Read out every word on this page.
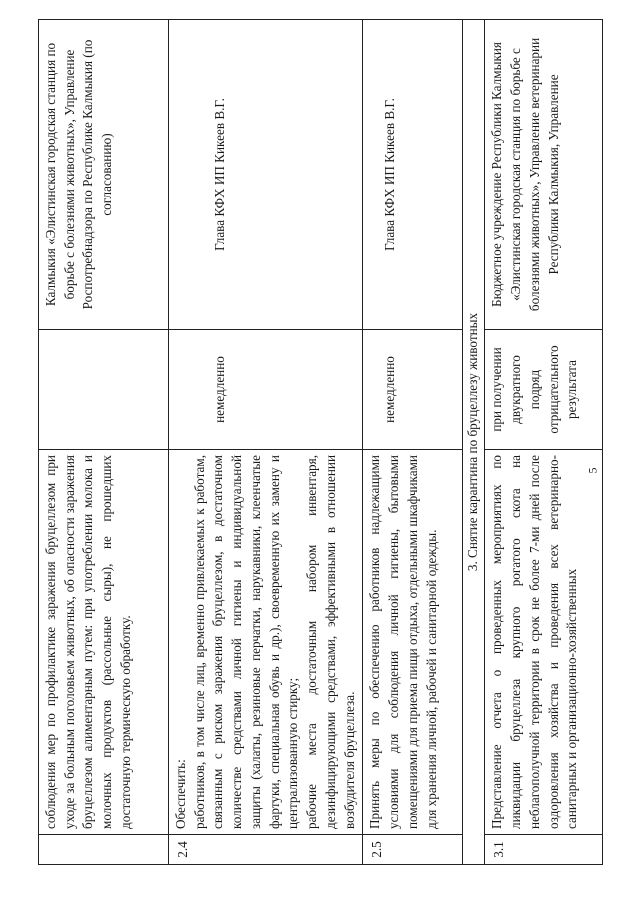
	соблюдения мер по профилактике заражения бруцеллезом при уходе за больным поголовьем животных, об опасности заражения бруцеллезом алиментарным путем: при употреблении молока и молочных продуктов (рассольные сыры), не прошедших достаточную термическую обработку.		Калмыкия «Элистинская городская станция по борьбе с болезнями животных», Управление Роспотребнадзора по Республике Калмыкия (по согласованию)
2.4	Обеспечить: работников, в том числе лиц, временно привлекаемых к работам, связанным с риском заражения бруцеллезом, в достаточном количестве средствами личной гигиены и индивидуальной защиты (халаты, резиновые перчатки, нарукавники, клеенчатые фартуки, специальная обувь и др.), своевременную их замену и централизованную стирку; рабочие места достаточным набором инвентаря, дезинфицирующими средствами, эффективными в отношении возбудителя бруцеллеза.	немедленно	Глава КФХ ИП Кикеев В.Г.
2.5	Принять меры по обеспечению работников надлежащими условиями для соблюдения личной гигиены, бытовыми помещениями для приема пищи отдыха, отдельными шкафчиками для хранения личной, рабочей и санитарной одежды.	немедленно	Глава КФХ ИП Кикеев В.Г.
3. Снятие карантина по бруцеллезу животных			
3.1	Представление отчета о проведенных мероприятиях по ликвидации бруцеллеза крупного рогатого скота на неблагополучной территории в срок не более 7-ми дней после оздоровления хозяйства и проведения всех ветеринарно-санитарных и организационно-хозяйственных	при получении двукратного подряд отрицательного результата	Бюджетное учреждение Республики Калмыкия «Элистинская городская станция по борьбе с болезнями животных», Управление ветеринарии Республики Калмыкия, Управление
5
